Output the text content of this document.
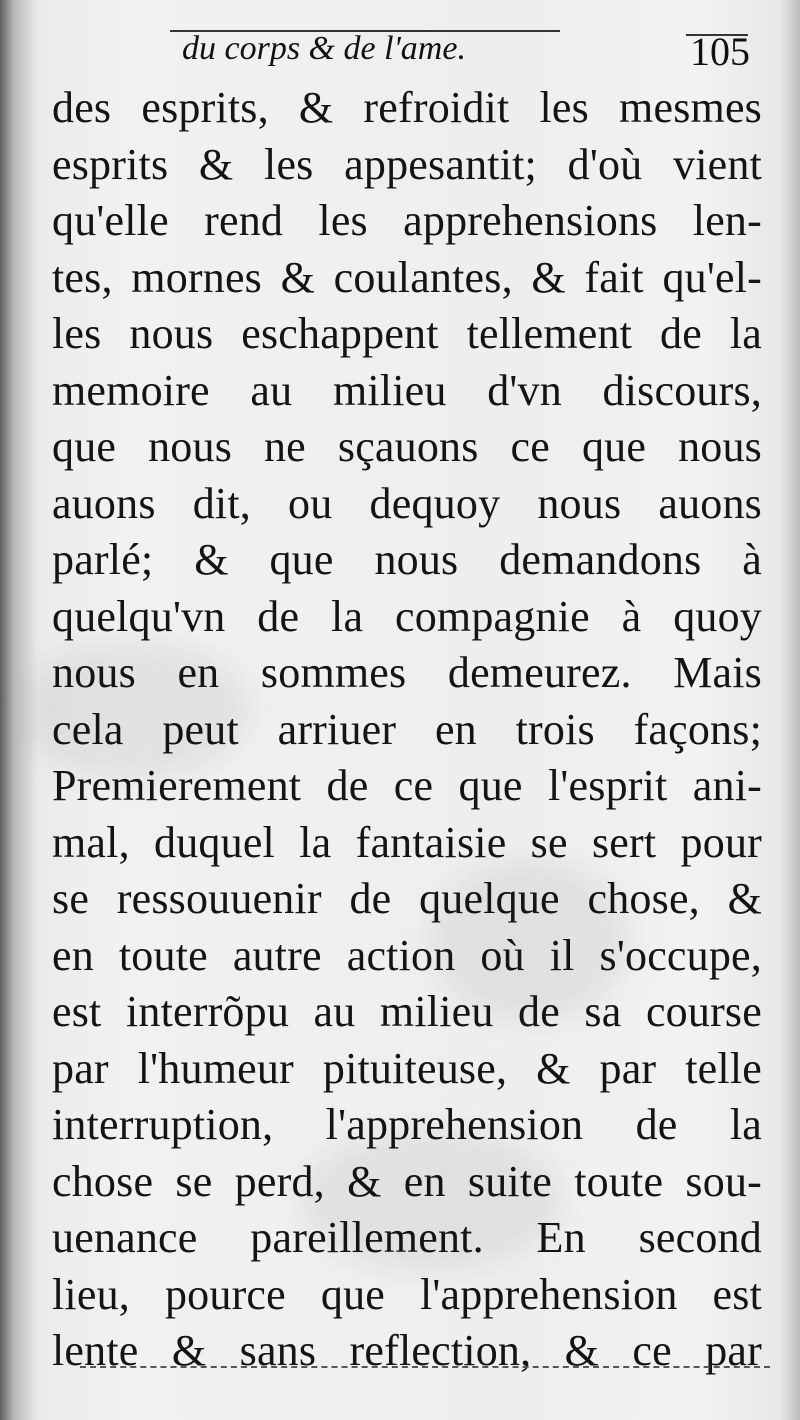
du corps & de l'ame.	105
des esprits, & refroidit les mesmes
esprits & les appesantit; d'où vient
qu'elle rend les apprehensions len-
tes, mornes & coulantes, & fait qu'el-
les nous eschappent tellement de la
memoire au milieu d'vn discours,
que nous ne sçauons ce que nous
auons dit, ou dequoy nous auons
parlé; & que nous demandons à
quelqu'vn de la compagnie à quoy
nous en sommes demeurez. Mais
cela peut arriuer en trois façons;
Premierement de ce que l'esprit ani-
mal, duquel la fantaisie se sert pour
se ressouuenir de quelque chose, &
en toute autre action où il s'occupe,
est interrõpu au milieu de sa course
par l'humeur pituiteuse, & par telle
interruption, l'apprehension de la
chose se perd, & en suite toute sou-
uenance pareillement. En second
lieu, pource que l'apprehension est
lente & sans reflection, & ce par
